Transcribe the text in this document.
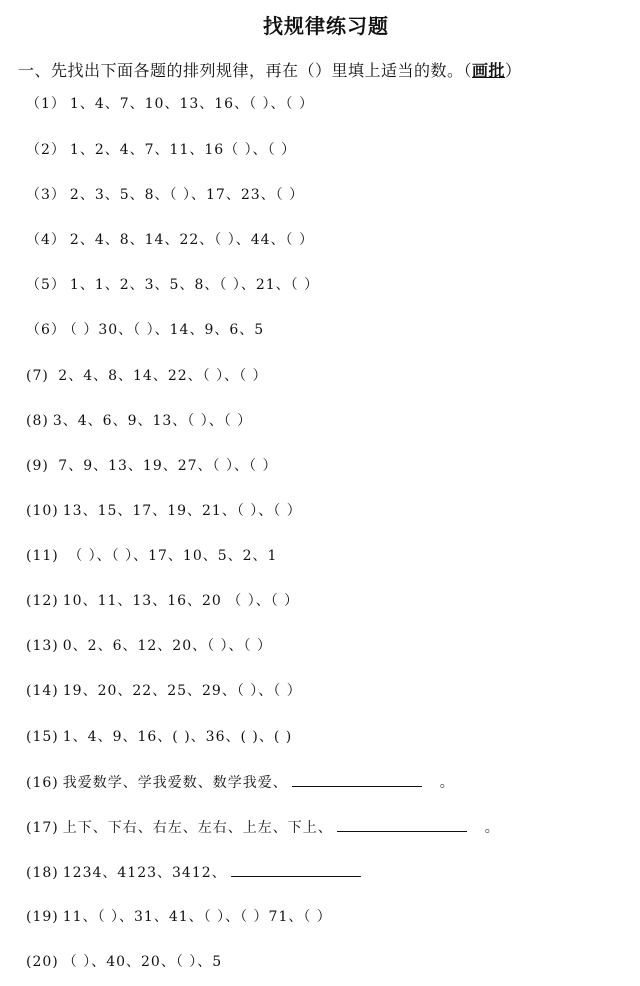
找规律练习题
一、先找出下面各题的排列规律，再在（）里填上适当的数。（画批）
（1） 1、4、7、10、13、16、（ ）、（ ）
（2） 1、2、4、7、11、16（ ）、（ ）
（3） 2、3、5、8、（ ）、17、23、（ ）
（4） 2、4、8、14、22、（ ）、44、（ ）
（5） 1、1、2、3、5、8、（ ）、21、（ ）
（6） （ ）30、（ ）、14、9、6、5
(7) 2、4、8、14、22、（ ）、（ ）
(8) 3、4、6、9、13、（ ）、（ ）
(9) 7、9、13、19、27、（ ）、（ ）
(10) 13、15、17、19、21、（ ）、（ ）
(11) （ ）、（ ）、17、10、5、2、1
(12) 10、11、13、16、20 （ ）、（ ）
(13) 0、2、6、12、20、（ ）、（ ）
(14) 19、20、22、25、29、（ ）、（ ）
(15) 1、4、9、16、( )、36、( )、( )
(16) 我爱数学、学我爱数、数学我爱、	。
(17) 上下、下右、右左、左右、上左、下上、	。
(18) 1234、4123、3412、
(19) 11、（ ）、31、41、（ ）、（ ）71、（ ）
(20) （ ）、40、20、（ ）、5
